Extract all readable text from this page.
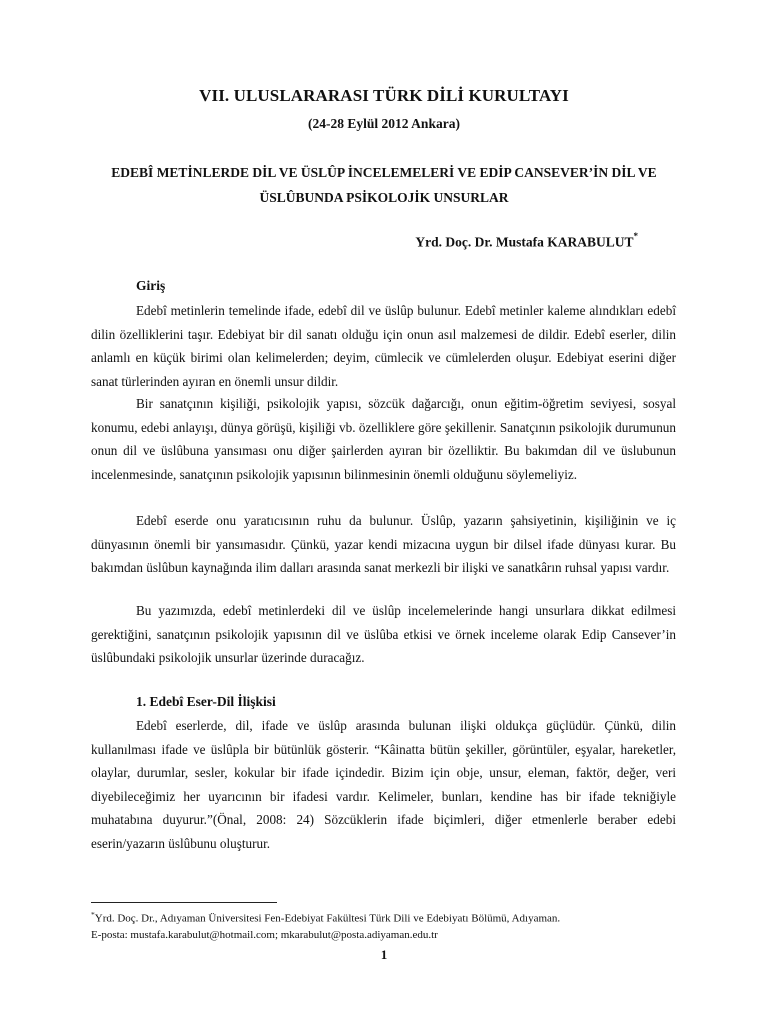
VII. ULUSLARARASI TÜRK DİLİ KURULTAYI
(24-28 Eylül 2012 Ankara)
EDEBÎ METİNLERDE DİL VE ÜSLÛP İNCELEMELERİ VE EDİP CANSEVER’İN DİL VE
ÜSLÛBUNDA PSİKOLOJİK UNSURLAR
Yrd. Doç. Dr. Mustafa KARABULUT*
Giriş

Edebî metinlerin temelinde ifade, edebî dil ve üslûp bulunur. Edebî metinler kaleme alındıkları edebî dilin özelliklerini taşır. Edebiyat bir dil sanatı olduğu için onun asıl malzemesi de dildir. Edebî eserler, dilin anlamlı en küçük birimi olan kelimelerden; deyim, cümlecik ve cümlelerden oluşur. Edebiyat eserini diğer sanat türlerinden ayıran en önemli unsur dildir.

Bir sanatçının kişiliği, psikolojik yapısı, sözcük dağarcığı, onun eğitim-öğretim seviyesi, sosyal konumu, edebi anlayışı, dünya görüşü, kişiliği vb. özelliklere göre şekillenir. Sanatçının psikolojik durumunun onun dil ve üslûbuna yansıması onu diğer şairlerden ayıran bir özelliktir. Bu bakımdan dil ve üslubunun incelenmesinde, sanatçının psikolojik yapısının bilinmesinin önemli olduğunu söylemeliyiz.

Edebî eserde onu yaratıcısının ruhu da bulunur. Üslûp, yazarın şahsiyetinin, kişiliğinin ve iç dünyasının önemli bir yansımasıdır. Çünkü, yazar kendi mizacına uygun bir dilsel ifade dünyası kurar. Bu bakımdan üslûbun kaynağında ilim dalları arasında sanat merkezli bir ilişki ve sanatkârın ruhsal yapısı vardır.

Bu yazımızda, edebî metinlerdeki dil ve üslûp incelemelerinde hangi unsurlara dikkat edilmesi gerektiğini, sanatçının psikolojik yapısının dil ve üslûba etkisi ve örnek inceleme olarak Edip Cansever’in üslûbundaki psikolojik unsurlar üzerinde duracağız.

1. Edebî Eser-Dil İlişkisi

Edebî eserlerde, dil, ifade ve üslûp arasında bulunan ilişki oldukça güçlüdür. Çünkü, dilin kullanılması ifade ve üslûpla bir bütünlük gösterir. “Kâinatta bütün şekiller, görüntüler, eşyalar, hareketler, olaylar, durumlar, sesler, kokular bir ifade içindedir. Bizim için obje, unsur, eleman, faktör, değer, veri diyebileceğimiz her uyarıcının bir ifadesi vardır. Kelimeler, bunları, kendine has bir ifade tekniğiyle muhatabına duyurur.”(Önal, 2008: 24) Sözcüklerin ifade biçimleri, diğer etmenlerle beraber edebi eserin/yazarın üslûbunu oluşturur.

*Yrd. Doç. Dr., Adıyaman Üniversitesi Fen-Edebiyat Fakültesi Türk Dili ve Edebiyatı Bölümü, Adıyaman.
E-posta: mustafa.karabulut@hotmail.com; mkarabulut@posta.adiyaman.edu.tr
1
